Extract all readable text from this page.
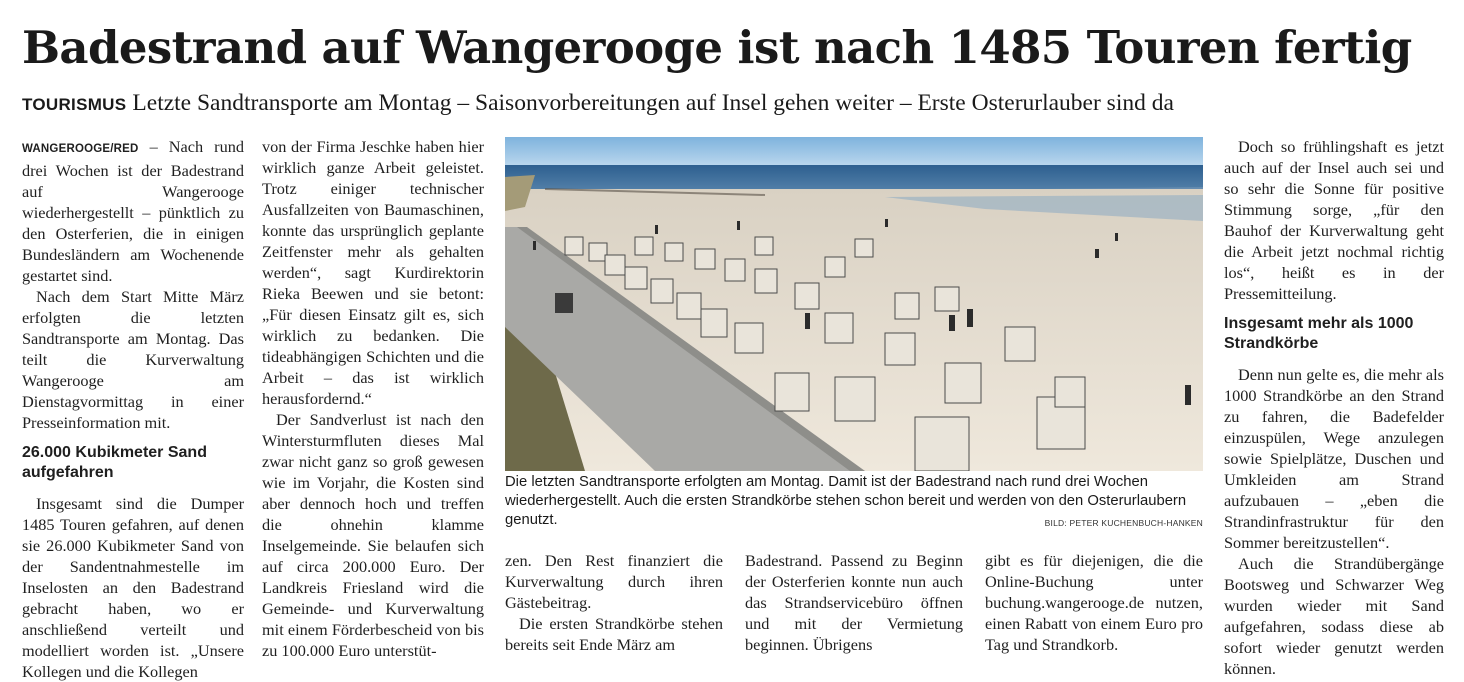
Badestrand auf Wangerooge ist nach 1485 Touren fertig
TOURISMUS Letzte Sandtransporte am Montag – Saisonvorbereitungen auf Insel gehen weiter – Erste Osterurlauber sind da

WANGEROOGE/RED – Nach rund drei Wochen ist der Badestrand auf Wangerooge wiederhergestellt – pünktlich zu den Osterferien, die in einigen Bundesländern am Wochenende gestartet sind.

Nach dem Start Mitte März erfolgten die letzten Sandtransporte am Montag. Das teilt die Kurverwaltung Wangerooge am Dienstagvormittag in einer Presseinformation mit.

26.000 Kubikmeter Sand aufgefahren

Insgesamt sind die Dumper 1485 Touren gefahren, auf denen sie 26.000 Kubikmeter Sand von der Sandentnahmestelle im Inselosten an den Badestrand gebracht haben, wo er anschließend verteilt und modelliert worden ist. „Unsere Kollegen und die Kollegen

von der Firma Jeschke haben hier wirklich ganze Arbeit geleistet. Trotz einiger technischer Ausfallzeiten von Baumaschinen, konnte das ursprünglich geplante Zeitfenster mehr als gehalten werden“, sagt Kurdirektorin Rieka Beewen und sie betont: „Für diesen Einsatz gilt es, sich wirklich zu bedanken. Die tideabhängigen Schichten und die Arbeit – das ist wirklich herausfordernd.“

Der Sandverlust ist nach den Wintersturmfluten dieses Mal zwar nicht ganz so groß gewesen wie im Vorjahr, die Kosten sind aber dennoch hoch und treffen die ohnehin klamme Inselgemeinde. Sie belaufen sich auf circa 200.000 Euro. Der Landkreis Friesland wird die Gemeinde- und Kurverwaltung mit einem Förderbescheid von bis zu 100.000 Euro unterstüt-

Die letzten Sandtransporte erfolgten am Montag. Damit ist der Badestrand nach rund drei Wochen wiederhergestellt. Auch die ersten Strandkörbe stehen schon bereit und werden von den Osterurlaubern genutzt.	BILD: PETER KUCHENBUCH-HANKEN

zen. Den Rest finanziert die Kurverwaltung durch ihren Gästebeitrag.

Die ersten Strandkörbe stehen bereits seit Ende März am

Badestrand. Passend zu Beginn der Osterferien konnte nun auch das Strandservicebüro öffnen und mit der Vermietung beginnen. Übrigens

gibt es für diejenigen, die die Online-Buchung unter buchung.wangerooge.de nutzen, einen Rabatt von einem Euro pro Tag und Strandkorb.

Doch so frühlingshaft es jetzt auch auf der Insel auch sei und so sehr die Sonne für positive Stimmung sorge, „für den Bauhof der Kurverwaltung geht die Arbeit jetzt nochmal richtig los“, heißt es in der Pressemitteilung.

Insgesamt mehr als 1000 Strandkörbe

Denn nun gelte es, die mehr als 1000 Strandkörbe an den Strand zu fahren, die Badefelder einzuspülen, Wege anzulegen sowie Spielplätze, Duschen und Umkleiden am Strand aufzubauen – „eben die Strandinfrastruktur für den Sommer bereitzustellen“.

Auch die Strandübergänge Bootsweg und Schwarzer Weg wurden wieder mit Sand aufgefahren, sodass diese ab sofort wieder genutzt werden können.
